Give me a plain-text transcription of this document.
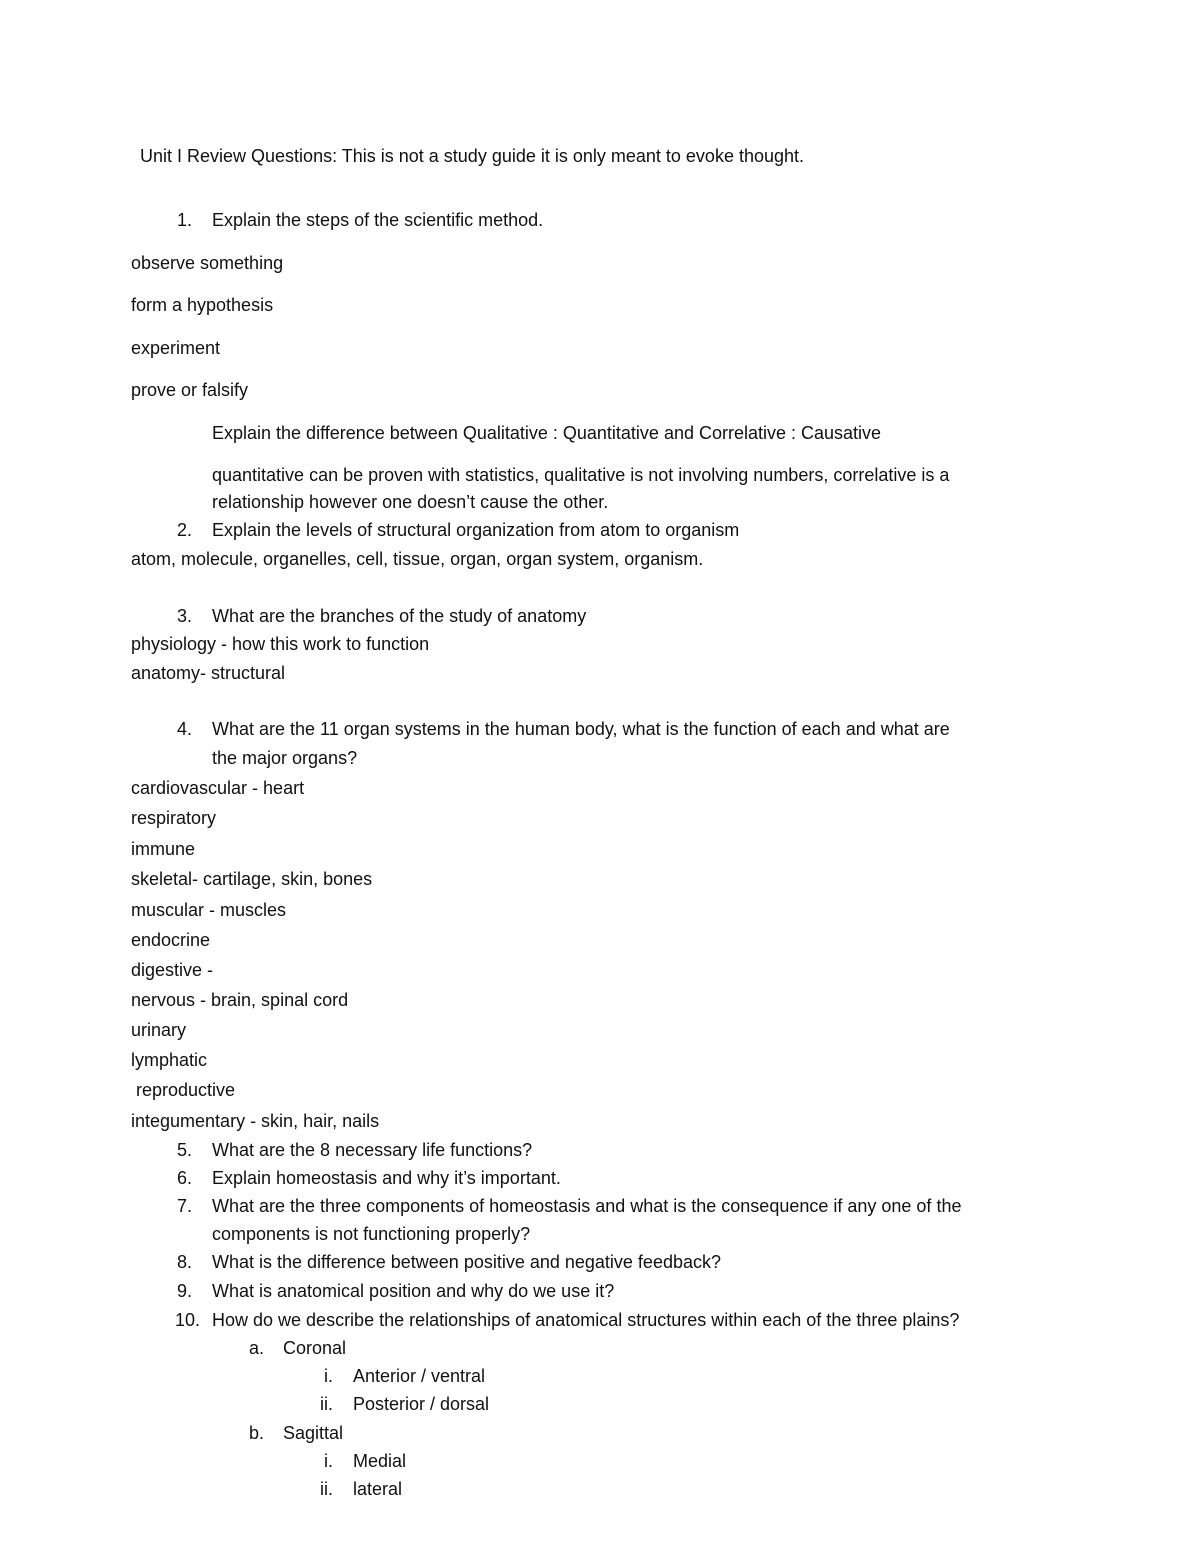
Unit I Review Questions: This is not a study guide it is only meant to evoke thought.
1. Explain the steps of the scientific method.
observe something
form a hypothesis
experiment
prove or falsify
Explain the difference between Qualitative : Quantitative and Correlative : Causative
quantitative can be proven with statistics, qualitative is not involving numbers, correlative is a
relationship however one doesn’t cause the other.
2. Explain the levels of structural organization from atom to organism
atom, molecule, organelles, cell, tissue, organ, organ system, organism.
3. What are the branches of the study of anatomy
physiology - how this work to function
anatomy- structural
4. What are the 11 organ systems in the human body, what is the function of each and what are
the major organs?
cardiovascular - heart
respiratory
immune
skeletal- cartilage, skin, bones
muscular - muscles
endocrine
digestive -
nervous - brain, spinal cord
urinary
lymphatic
reproductive
integumentary - skin, hair, nails
5. What are the 8 necessary life functions?
6. Explain homeostasis and why it’s important.
7. What are the three components of homeostasis and what is the consequence if any one of the
components is not functioning properly?
8. What is the difference between positive and negative feedback?
9. What is anatomical position and why do we use it?
10. How do we describe the relationships of anatomical structures within each of the three plains?
a. Coronal
i. Anterior / ventral
ii. Posterior / dorsal
b. Sagittal
i. Medial
ii. lateral
